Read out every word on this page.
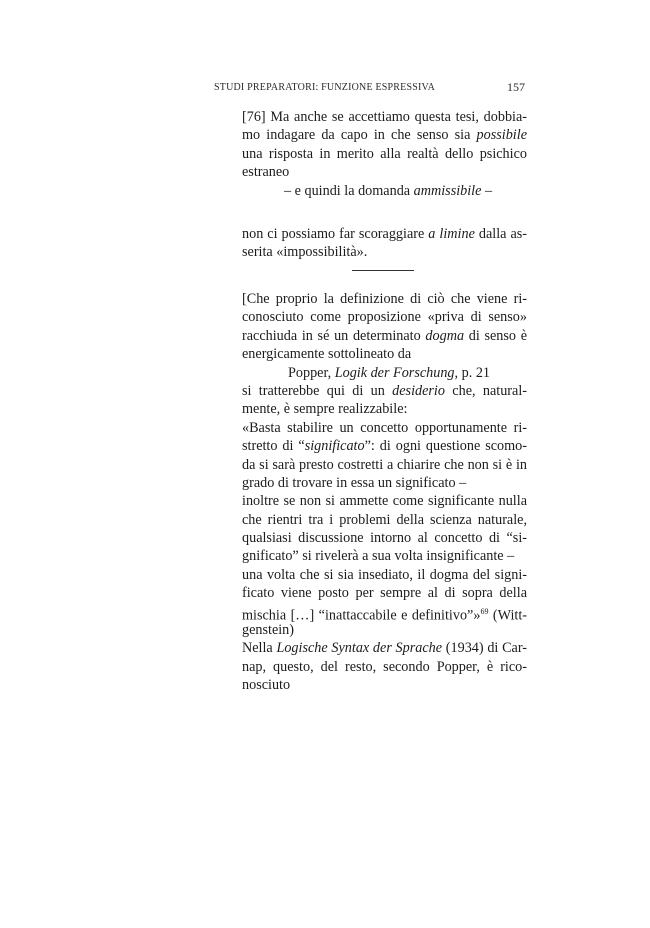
STUDI PREPARATORI: FUNZIONE ESPRESSIVA	157
[76] Ma anche se accettiamo questa tesi, dobbia-
mo indagare da capo in che senso sia possibile
una risposta in merito alla realtà dello psichico
estraneo
– e quindi la domanda ammissibile –
non ci possiamo far scoraggiare a limine dalla as-
serita «impossibilità».
[Che proprio la definizione di ciò che viene ri-
conosciuto come proposizione «priva di senso»
racchiuda in sé un determinato dogma di senso è
energicamente sottolineato da
Popper, Logik der Forschung, p. 21
si tratterebbe qui di un desiderio che, natural-
mente, è sempre realizzabile:
«Basta stabilire un concetto opportunamente ri-
stretto di “significato”: di ogni questione scomo-
da si sarà presto costretti a chiarire che non si è in
grado di trovare in essa un significato –
inoltre se non si ammette come significante nulla
che rientri tra i problemi della scienza naturale,
qualsiasi discussione intorno al concetto di “si-
gnificato” si rivelerà a sua volta insignificante –
una volta che si sia insediato, il dogma del signi-
ficato viene posto per sempre al di sopra della
mischia […] “inattaccabile e definitivo”»$^{69}$ (Witt-
genstein)
Nella Logische Syntax der Sprache (1934) di Car-
nap, questo, del resto, secondo Popper, è rico-
nosciuto
